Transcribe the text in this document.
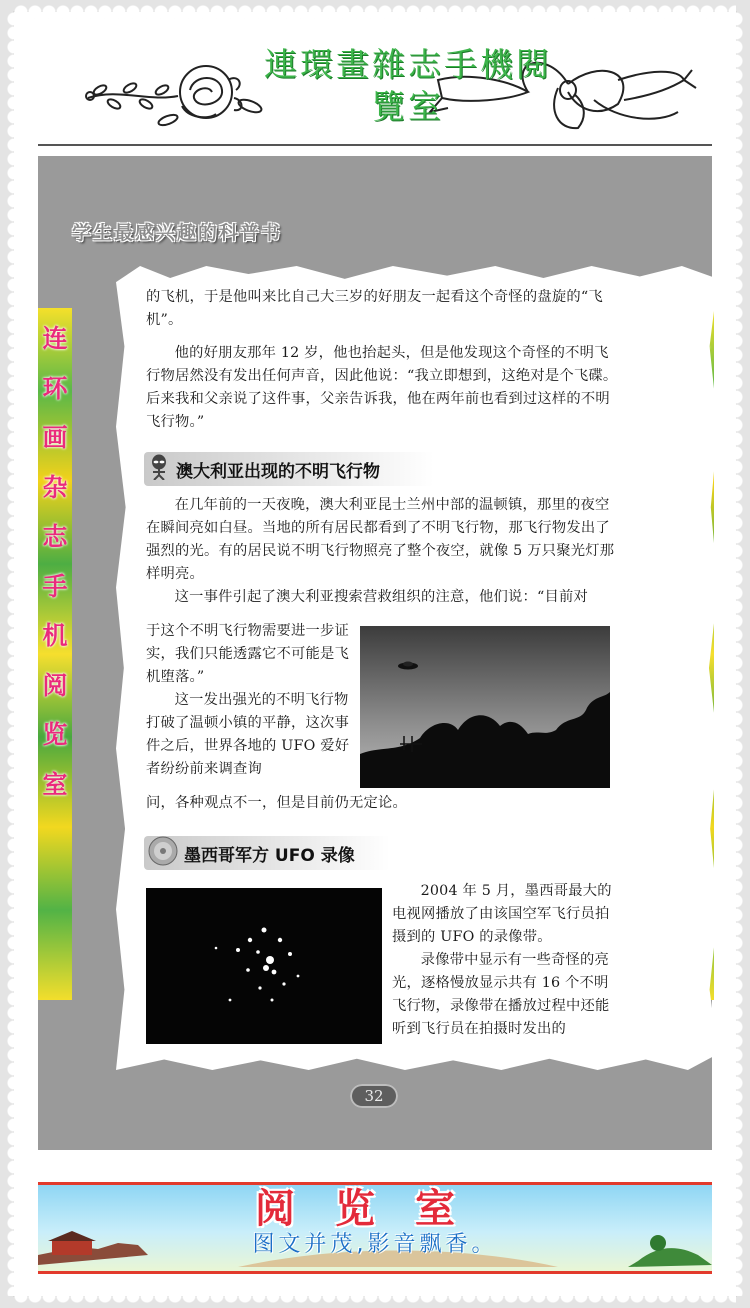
連環畫雜志手機閱
覽室
学生最感兴趣的科普书
连
环
画
杂
志
手
机
阅
览
室

的飞机，于是他叫来比自己大三岁的好朋友一起看这个奇怪的盘旋的“飞机”。

他的好朋友那年 12 岁，他也抬起头，但是他发现这个奇怪的不明飞行物居然没有发出任何声音，因此他说：“我立即想到，这绝对是个飞碟。后来我和父亲说了这件事，父亲告诉我，他在两年前也看到过这样的不明飞行物。”

澳大利亚出现的不明飞行物

在几年前的一天夜晚，澳大利亚昆士兰州中部的温顿镇，那里的夜空在瞬间亮如白昼。当地的所有居民都看到了不明飞行物，那飞行物发出了强烈的光。有的居民说不明飞行物照亮了整个夜空，就像 5 万只聚光灯那样明亮。

这一事件引起了澳大利亚搜索营救组织的注意，他们说：“目前对

于这个不明飞行物需要进一步证实，我们只能透露它不可能是飞机堕落。”

这一发出强光的不明飞行物打破了温顿小镇的平静，这次事件之后，世界各地的 UFO 爱好者纷纷前来调查询

问，各种观点不一，但是目前仍无定论。

墨西哥军方 UFO 录像

2004 年 5 月，墨西哥最大的电视网播放了由该国空军飞行员拍摄到的 UFO 的录像带。

录像带中显示有一些奇怪的亮光，逐格慢放显示共有 16 个不明飞行物，录像带在播放过程中还能听到飞行员在拍摄时发出的

32
阅览室
图文并茂,影音飘香。
